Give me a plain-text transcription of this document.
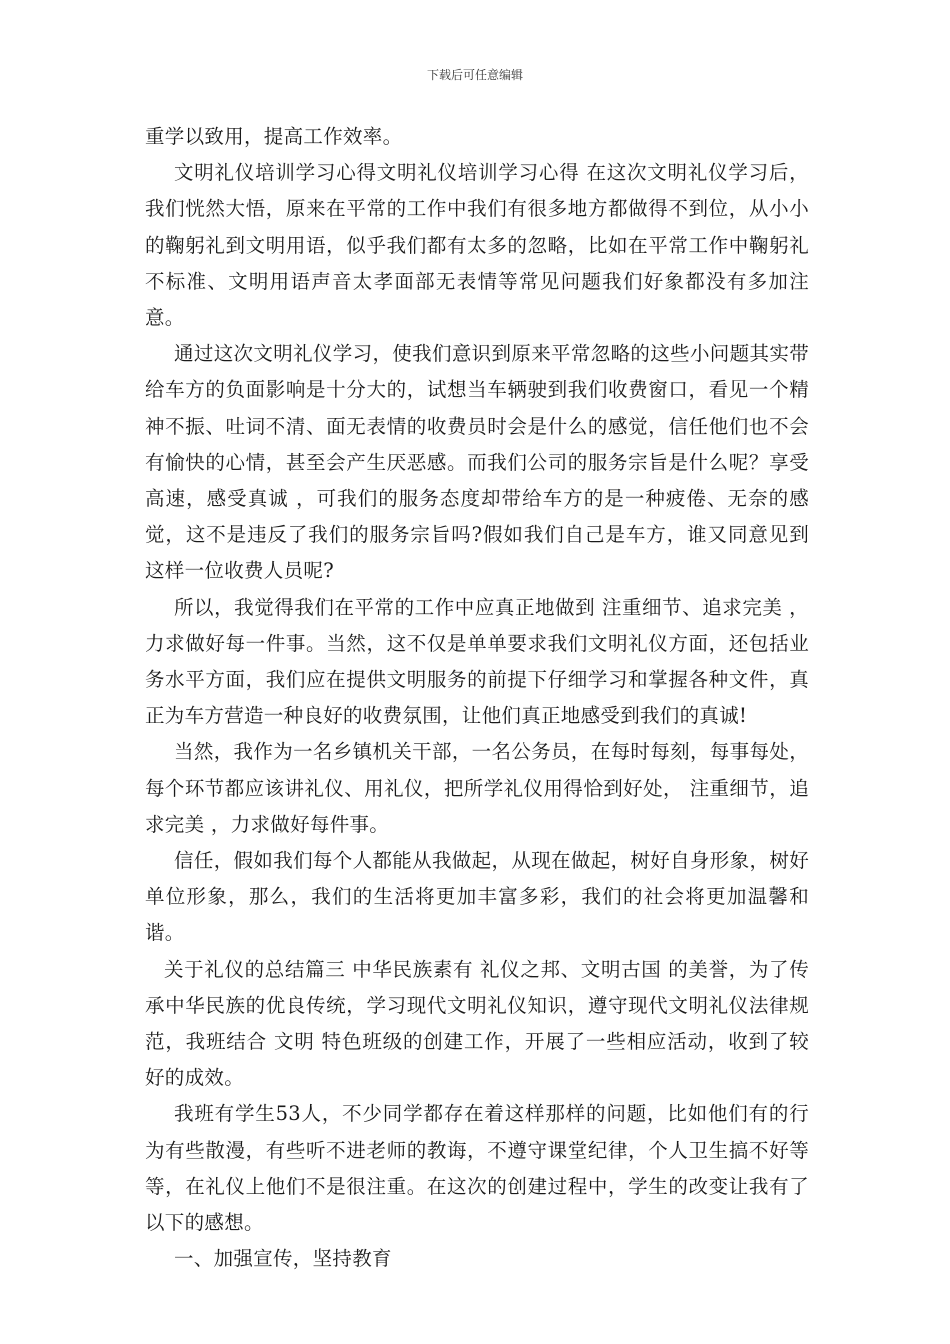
下载后可任意编辑

重学以致用，提高工作效率。

文明礼仪培训学习心得文明礼仪培训学习心得 在这次文明礼仪学习后，我们恍然大悟，原来在平常的工作中我们有很多地方都做得不到位，从小小的鞠躬礼到文明用语，似乎我们都有太多的忽略，比如在平常工作中鞠躬礼不标准、文明用语声音太孝面部无表情等常见问题我们好象都没有多加注意。

通过这次文明礼仪学习，使我们意识到原来平常忽略的这些小问题其实带给车方的负面影响是十分大的，试想当车辆驶到我们收费窗口，看见一个精神不振、吐词不清、面无表情的收费员时会是什么的感觉，信任他们也不会有愉快的心情，甚至会产生厌恶感。而我们公司的服务宗旨是什么呢？享受高速，感受真诚 ，可我们的服务态度却带给车方的是一种疲倦、无奈的感觉，这不是违反了我们的服务宗旨吗?假如我们自己是车方，谁又同意见到这样一位收费人员呢?

所以，我觉得我们在平常的工作中应真正地做到 注重细节、追求完美 ，力求做好每一件事。当然，这不仅是单单要求我们文明礼仪方面，还包括业务水平方面，我们应在提供文明服务的前提下仔细学习和掌握各种文件，真正为车方营造一种良好的收费氛围，让他们真正地感受到我们的真诚!

当然，我作为一名乡镇机关干部，一名公务员，在每时每刻，每事每处，每个环节都应该讲礼仪、用礼仪，把所学礼仪用得恰到好处， 注重细节，追求完美 ，力求做好每件事。

信任，假如我们每个人都能从我做起，从现在做起，树好自身形象，树好单位形象，那么，我们的生活将更加丰富多彩，我们的社会将更加温馨和谐。

关于礼仪的总结篇三 中华民族素有 礼仪之邦、文明古国 的美誉，为了传承中华民族的优良传统，学习现代文明礼仪知识，遵守现代文明礼仪法律规范，我班结合 文明 特色班级的创建工作，开展了一些相应活动，收到了较好的成效。

我班有学生53人，不少同学都存在着这样那样的问题，比如他们有的行为有些散漫，有些听不进老师的教诲，不遵守课堂纪律，个人卫生搞不好等等，在礼仪上他们不是很注重。在这次的创建过程中，学生的改变让我有了以下的感想。

一、加强宣传，坚持教育
